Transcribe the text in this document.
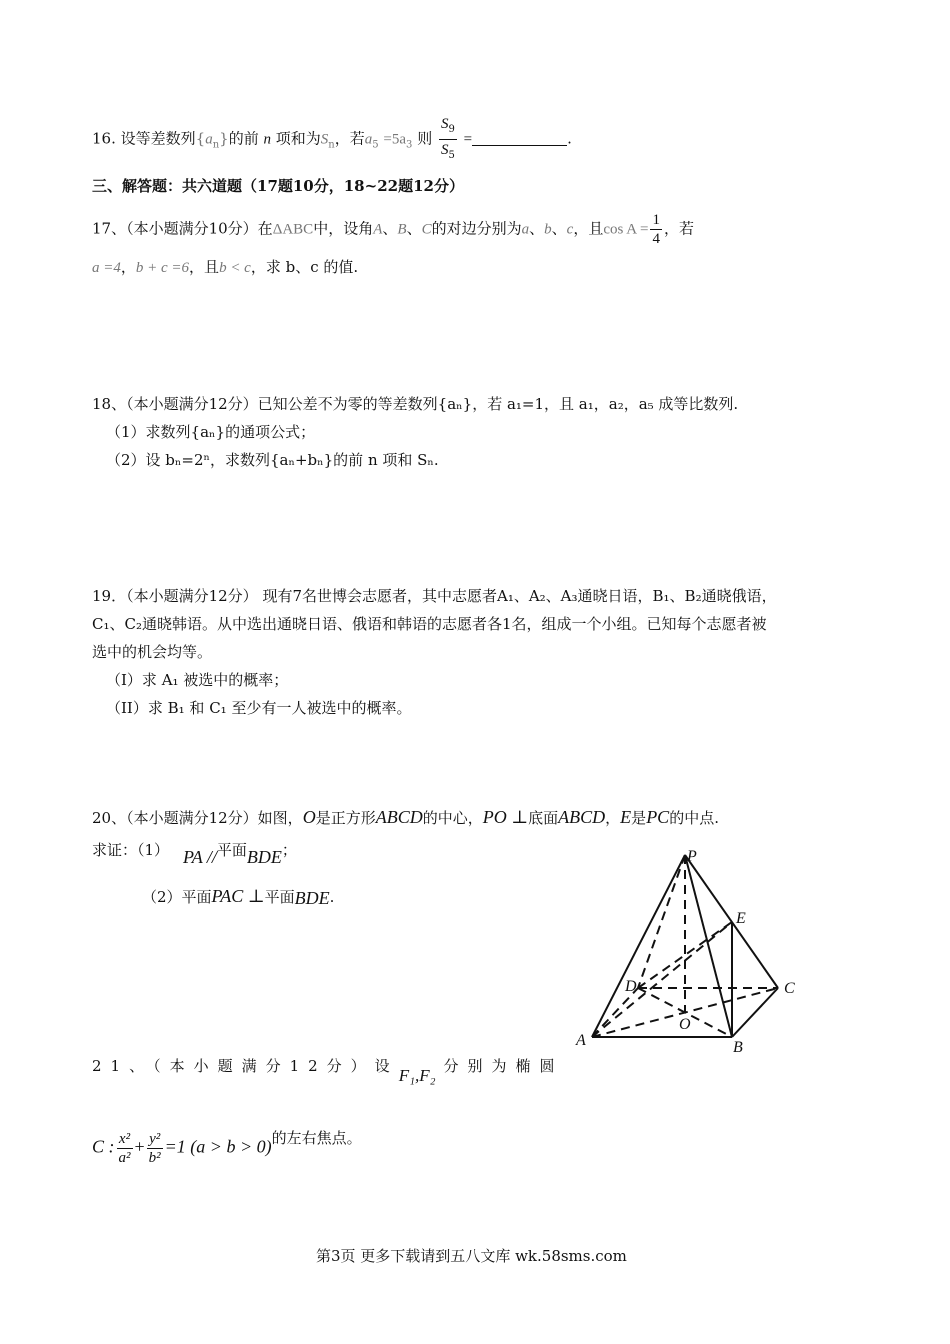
16. 设等差数列$\{a_n\}$的前 n 项和为$S_n$，若$a_5 =5a_3$ 则 $\frac{S_9}{S_5}$ =	.
三、解答题：共六道题（17题10分，18~22题12分）
17、（本小题满分10分）在ΔABC中，设角A、B、C的对边分别为a、b、c，且$\cos A = \frac{1}{4}$ ，若
a =4，b + c =6，且b < c，求 b、c 的值.
18、（本小题满分12分）已知公差不为零的等差数列{aₙ}，若 a₁=1，且 a₁，a₂，a₅ 成等比数列.
（1）求数列{aₙ}的通项公式；
（2）设 bₙ=2ⁿ，求数列{aₙ+bₙ}的前 n 项和 Sₙ.
19．（本小题满分12分） 现有7名世博会志愿者，其中志愿者A₁、A₂、A₃通晓日语，B₁、B₂通晓俄语，
C₁、C₂通晓韩语。从中选出通晓日语、俄语和韩语的志愿者各1名，组成一个小组。已知每个志愿者被
选中的机会均等。
（I）求 A₁ 被选中的概率；
（II）求 B₁ 和 C₁ 至少有一人被选中的概率。
20、（本小题满分12分）如图，O是正方形ABCD的中心，PO ⊥底面ABCD，E是PC的中点.
求证：（1） PA //平面BDE；
（2）平面PAC ⊥平面BDE.
P
E
D	C
O
A	B
21、（本小题满分12分）设F₁,F₂ 分别为椭圆
C : $\frac{\text{x²}}{\text{a²}} + \frac{\text{y²}}{\text{b²}} =1$ (a > b > 0)的左右焦点。
第3页 更多下载请到五八文库 wk.58sms.com
